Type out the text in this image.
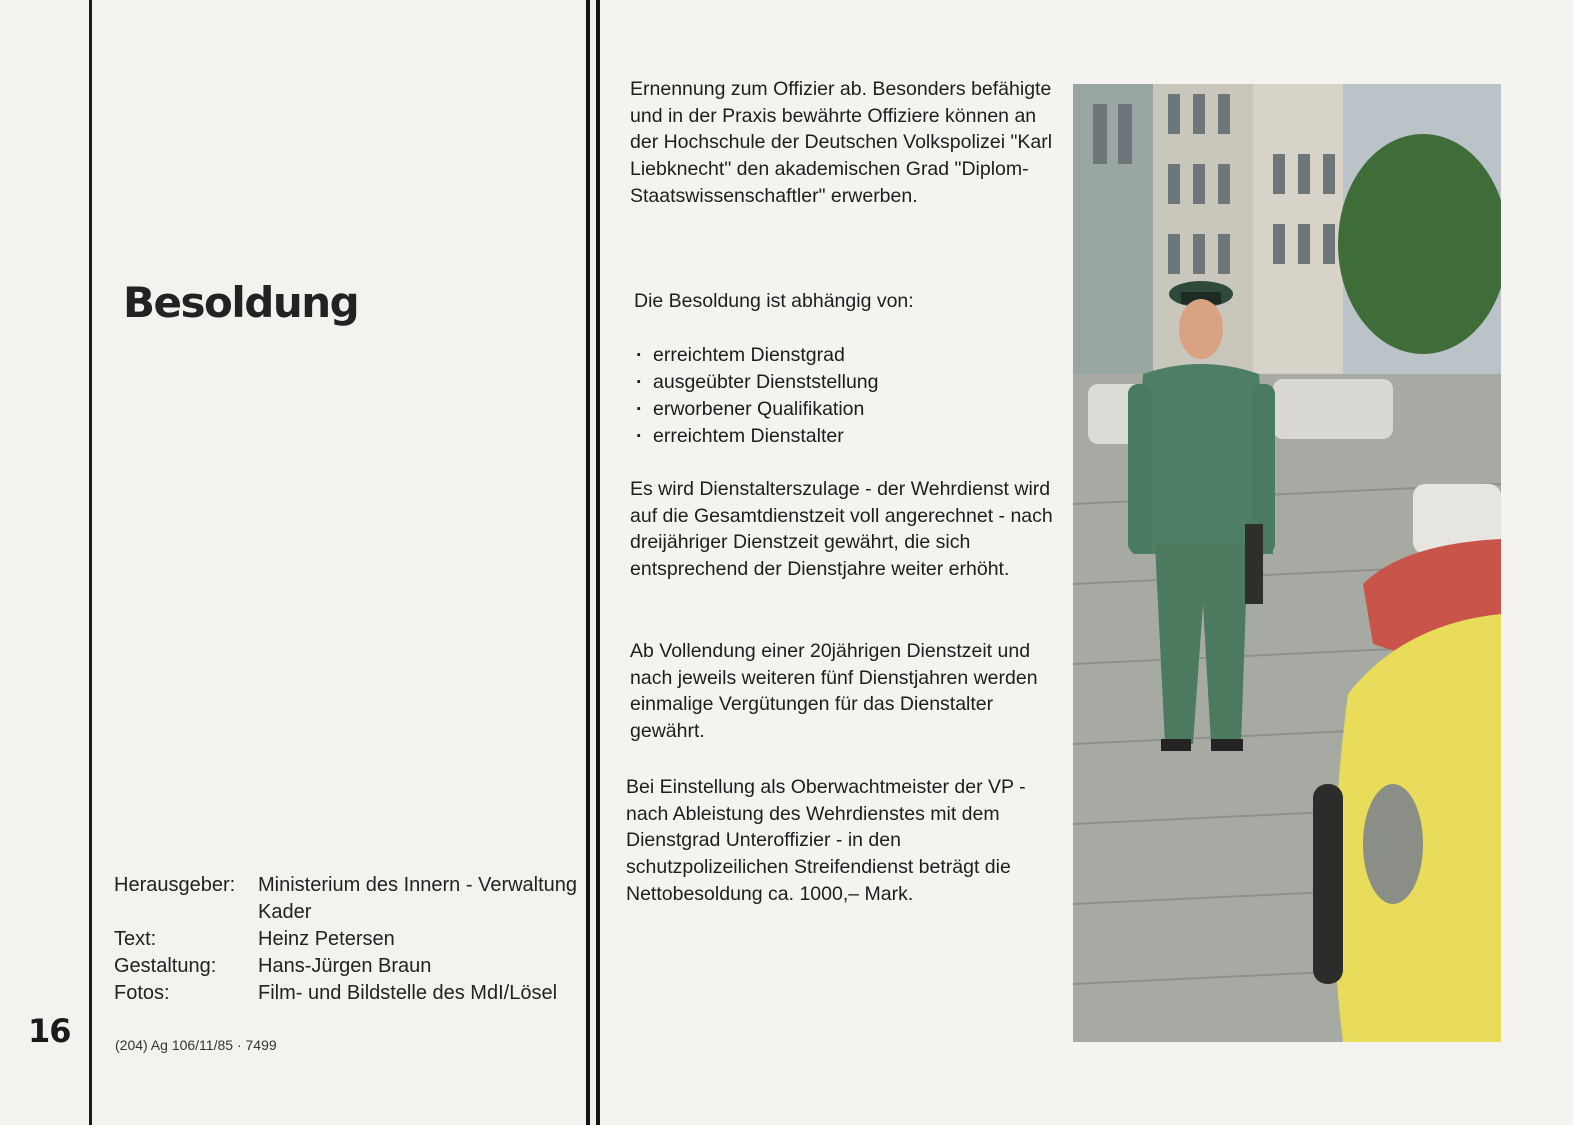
Besoldung
Herausgeber:	Ministerium des Innern - Verwaltung Kader
Text:	Heinz Petersen
Gestaltung:	Hans-Jürgen Braun
Fotos:	Film- und Bildstelle des MdI/Lösel
16	(204) Ag 106/11/85 · 7499

Ernennung zum Offizier ab. Besonders befähigte und in der Praxis bewährte Offiziere können an der Hochschule der Deutschen Volkspolizei "Karl Liebknecht" den akademischen Grad "Diplom-Staatswissenschaftler" erwerben.

Die Besoldung ist abhängig von:

· erreichtem Dienstgrad
· ausgeübter Dienststellung
· erworbener Qualifikation
· erreichtem Dienstalter

Es wird Dienstalterszulage - der Wehrdienst wird auf die Gesamtdienstzeit voll angerechnet - nach dreijähriger Dienstzeit gewährt, die sich entsprechend der Dienstjahre weiter erhöht.

Ab Vollendung einer 20jährigen Dienstzeit und nach jeweils weiteren fünf Dienstjahren werden einmalige Vergütungen für das Dienstalter gewährt.

Bei Einstellung als Oberwachtmeister der VP - nach Ableistung des Wehrdienstes mit dem Dienstgrad Unteroffizier - in den schutzpolizeilichen Streifendienst beträgt die Nettobesoldung ca. 1000,– Mark.
